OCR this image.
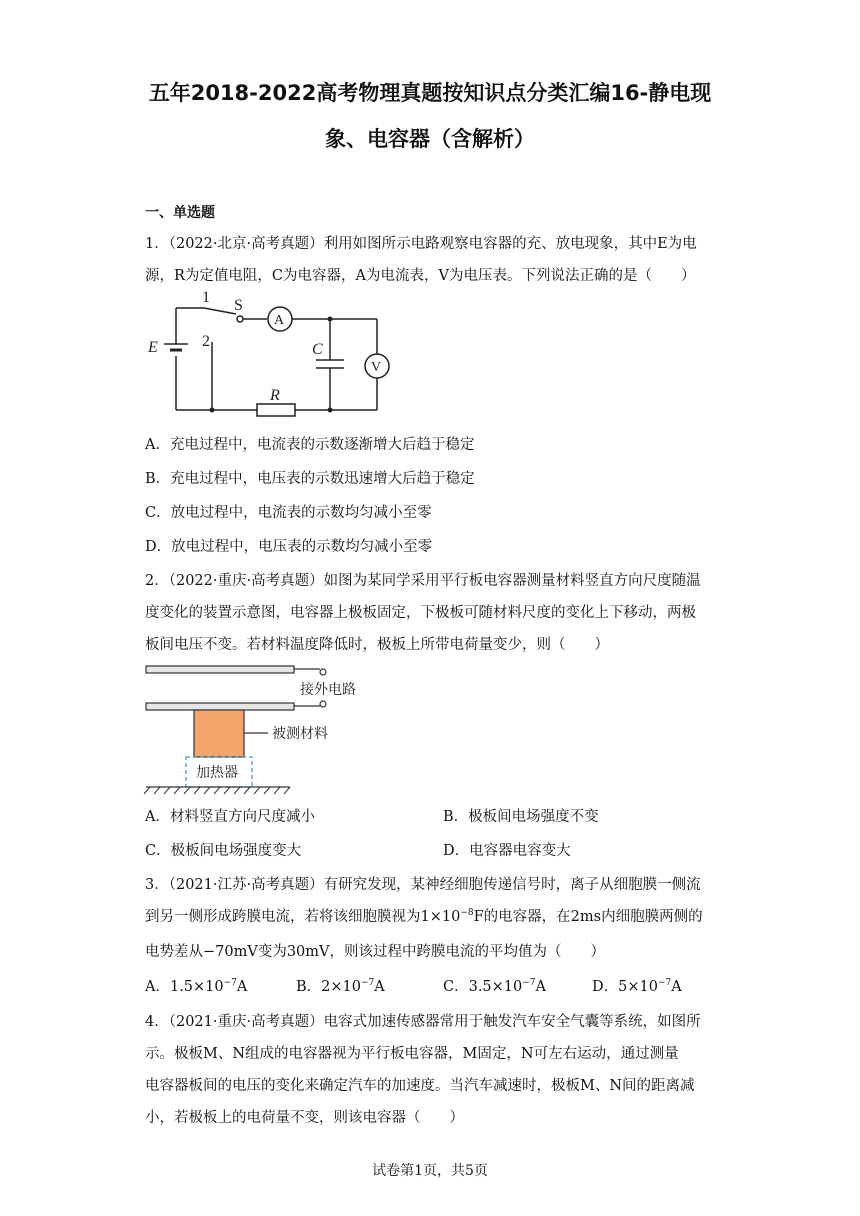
五年2018-2022高考物理真题按知识点分类汇编16-静电现
象、电容器（含解析）
一、单选题
1．（2022·北京·高考真题）利用如图所示电路观察电容器的充、放电现象，其中E为电
源，R为定值电阻，C为电容器，A为电流表，V为电压表。下列说法正确的是（　　）
1 S
A
E	2	C
V
R
A．充电过程中，电流表的示数逐渐增大后趋于稳定
B．充电过程中，电压表的示数迅速增大后趋于稳定
C．放电过程中，电流表的示数均匀减小至零
D．放电过程中，电压表的示数均匀减小至零
2．（2022·重庆·高考真题）如图为某同学采用平行板电容器测量材料竖直方向尺度随温
度变化的装置示意图，电容器上极板固定，下极板可随材料尺度的变化上下移动，两极
板间电压不变。若材料温度降低时，极板上所带电荷量变少，则（　　）
接外电路
被测材料
加热器
A．材料竖直方向尺度减小	B．极板间电场强度不变
C．极板间电场强度变大	D．电容器电容变大
3．（2021·江苏·高考真题）有研究发现，某神经细胞传递信号时，离子从细胞膜一侧流
到另一侧形成跨膜电流，若将该细胞膜视为$1\times 10^{-8}F$的电容器，在2ms内细胞膜两侧的
电势差从−70mV变为30mV，则该过程中跨膜电流的平均值为（　　）
A．$1.5\times 10^{-7}A$	B．$2\times 10^{-7}A$	C．$3.5\times 10^{-7}A$	D．$5\times 10^{-7}A$
4．（2021·重庆·高考真题）电容式加速传感器常用于触发汽车安全气囊等系统，如图所
示。极板M、N组成的电容器视为平行板电容器，M固定，N可左右运动，通过测量
电容器板间的电压的变化来确定汽车的加速度。当汽车减速时，极板M、N间的距离减
小，若极板上的电荷量不变，则该电容器（　　）
试卷第1页，共5页
